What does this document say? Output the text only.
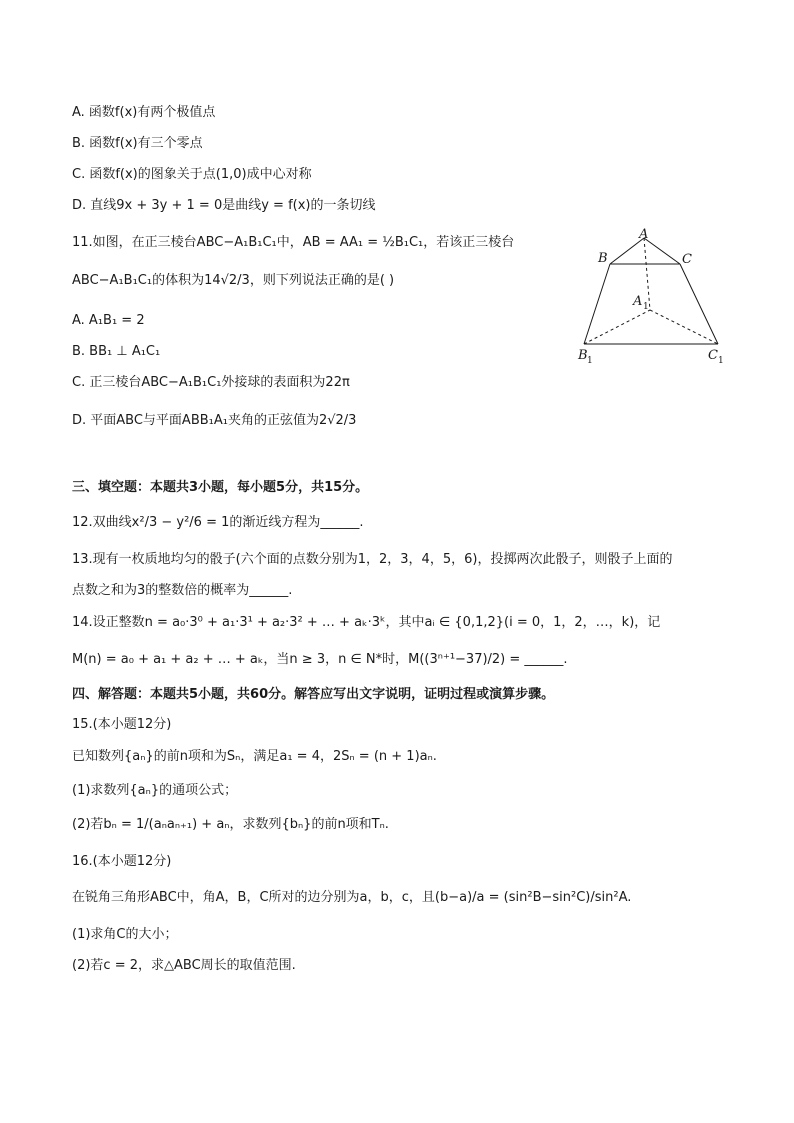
A. 函数f(x)有两个极值点
B. 函数f(x)有三个零点
C. 函数f(x)的图象关于点(1,0)成中心对称
D. 直线9x + 3y + 1 = 0是曲线y = f(x)的一条切线
11.如图，在正三棱台ABC−A₁B₁C₁中，AB = AA₁ = ½B₁C₁，若该正三棱台
ABC−A₁B₁C₁的体积为14√2/3，则下列说法正确的是( )
A. A₁B₁ = 2
B. BB₁ ⊥ A₁C₁
C. 正三棱台ABC−A₁B₁C₁外接球的表面积为22π
D. 平面ABC与平面ABB₁A₁夹角的正弦值为2√2/3
A
B	C
A 1
B 1	C 1
三、填空题：本题共3小题，每小题5分，共15分。
12.双曲线x²/3 − y²/6 = 1的渐近线方程为______.
13.现有一枚质地均匀的骰子(六个面的点数分别为1，2，3，4，5，6)，投掷两次此骰子，则骰子上面的
点数之和为3的整数倍的概率为______.
14.设正整数n = a₀·3⁰ + a₁·3¹ + a₂·3² + … + aₖ·3ᵏ，其中aᵢ ∈ {0,1,2}(i = 0，1，2，…，k)，记
M(n) = a₀ + a₁ + a₂ + … + aₖ，当n ≥ 3，n ∈ N*时，M((3ⁿ⁺¹−37)/2) = ______.
四、解答题：本题共5小题，共60分。解答应写出文字说明，证明过程或演算步骤。
15.(本小题12分)
已知数列{aₙ}的前n项和为Sₙ，满足a₁ = 4，2Sₙ = (n + 1)aₙ.
(1)求数列{aₙ}的通项公式；
(2)若bₙ = 1/(aₙaₙ₊₁) + aₙ，求数列{bₙ}的前n项和Tₙ.
16.(本小题12分)
在锐角三角形ABC中，角A，B，C所对的边分别为a，b，c，且(b−a)/a = (sin²B−sin²C)/sin²A.
(1)求角C的大小；
(2)若c = 2，求△ABC周长的取值范围.
